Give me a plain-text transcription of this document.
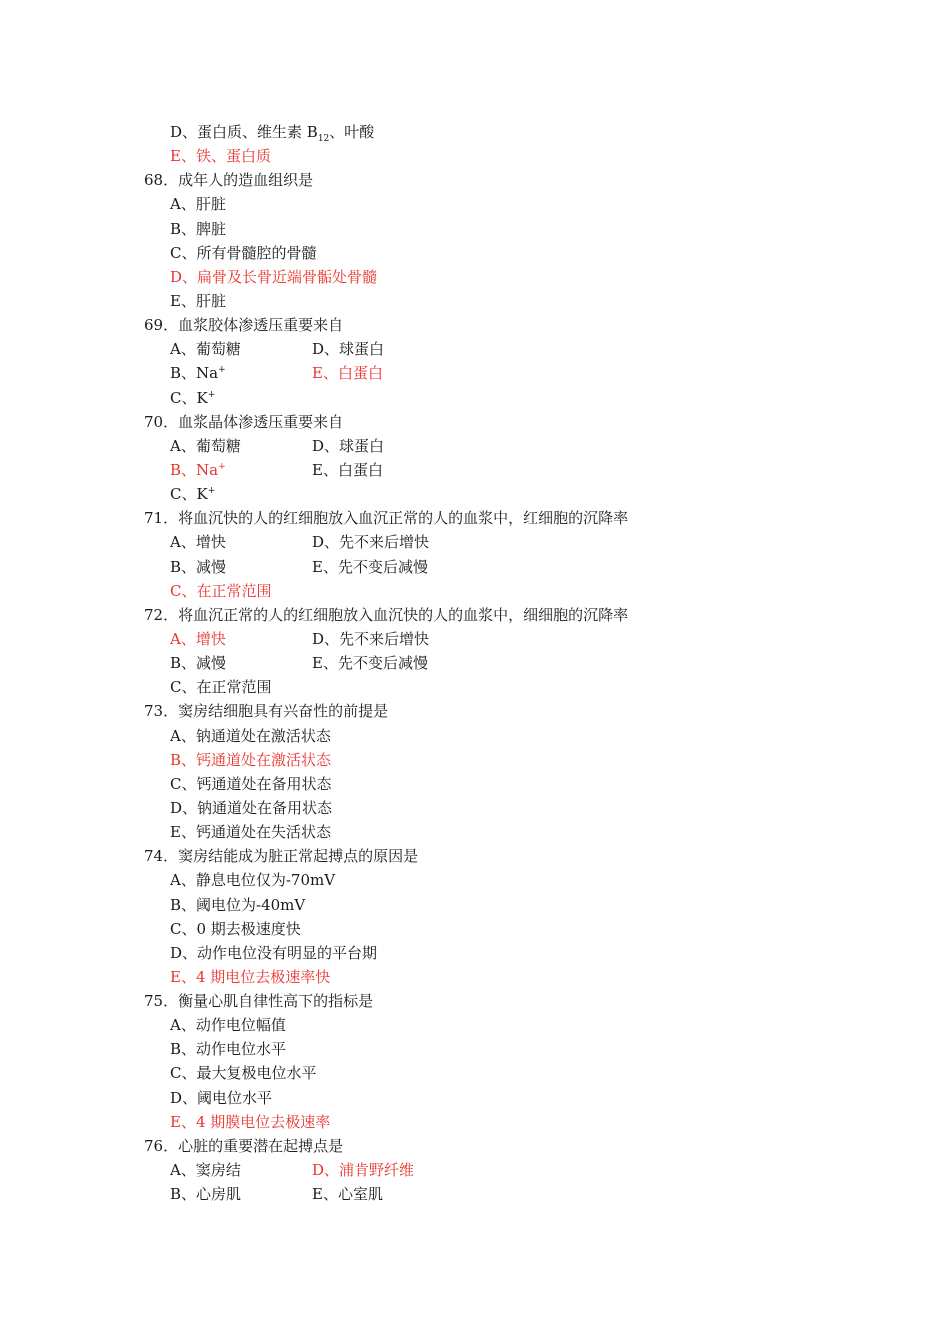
D、蛋白质、维生素 $B_{12}$、叶酸
E、铁、蛋白质
68．成年人的造血组织是
A、肝脏
B、脾脏
C、所有骨髓腔的骨髓
D、扁骨及长骨近端骨骺处骨髓
E、肝脏
69．血浆胶体渗透压重要来自
A、葡萄糖	D、球蛋白
B、Na+	E、白蛋白
C、K+
70．血浆晶体渗透压重要来自
A、葡萄糖	D、球蛋白
B、Na+	E、白蛋白
C、K+
71．将血沉快的人的红细胞放入血沉正常的人的血浆中，红细胞的沉降率
A、增快	D、先不来后增快
B、减慢	E、先不变后减慢
C、在正常范围
72．将血沉正常的人的红细胞放入血沉快的人的血浆中，细细胞的沉降率
A、增快	D、先不来后增快
B、减慢	E、先不变后减慢
C、在正常范围
73．窦房结细胞具有兴奋性的前提是
A、钠通道处在激活状态
B、钙通道处在激活状态
C、钙通道处在备用状态
D、钠通道处在备用状态
E、钙通道处在失活状态
74．窦房结能成为脏正常起搏点的原因是
A、静息电位仅为-70mV
B、阈电位为-40mV
C、0 期去极速度快
D、动作电位没有明显的平台期
E、4 期电位去极速率快
75．衡量心肌自律性高下的指标是
A、动作电位幅值
B、动作电位水平
C、最大复极电位水平
D、阈电位水平
E、4 期膜电位去极速率
76．心脏的重要潜在起搏点是
A、窦房结	D、浦肯野纤维
B、心房肌	E、心室肌
